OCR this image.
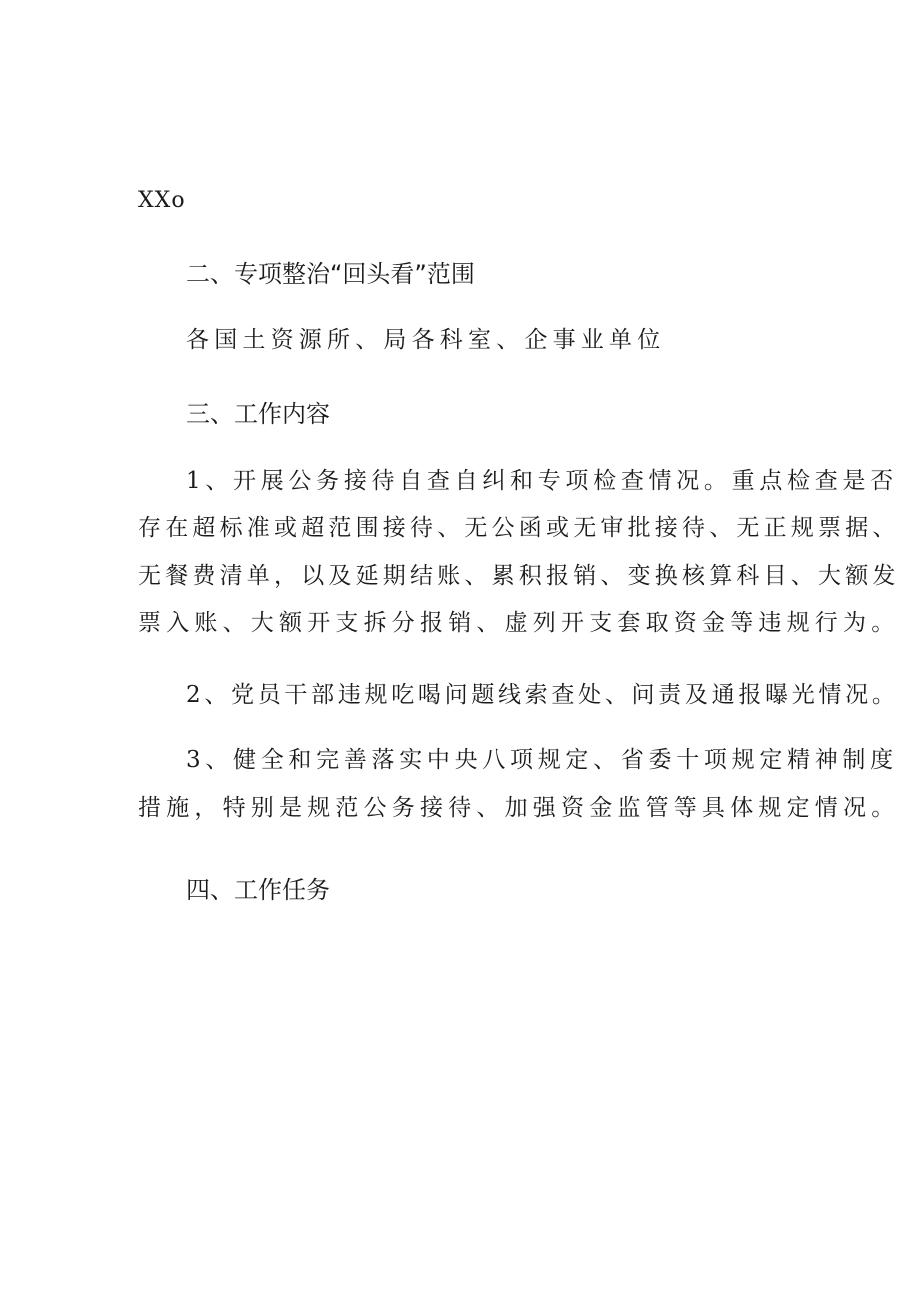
XXo
二、专项整治“回头看”范围
各国土资源所、局各科室、企事业单位
三、工作内容
1、开展公务接待自查自纠和专项检查情况。重点检查是否
存在超标准或超范围接待、无公函或无审批接待、无正规票据、
无餐费清单，以及延期结账、累积报销、变换核算科目、大额发
票入账、大额开支拆分报销、虚列开支套取资金等违规行为。
2、党员干部违规吃喝问题线索查处、问责及通报曝光情况。
3、健全和完善落实中央八项规定、省委十项规定精神制度
措施，特别是规范公务接待、加强资金监管等具体规定情况。
四、工作任务
